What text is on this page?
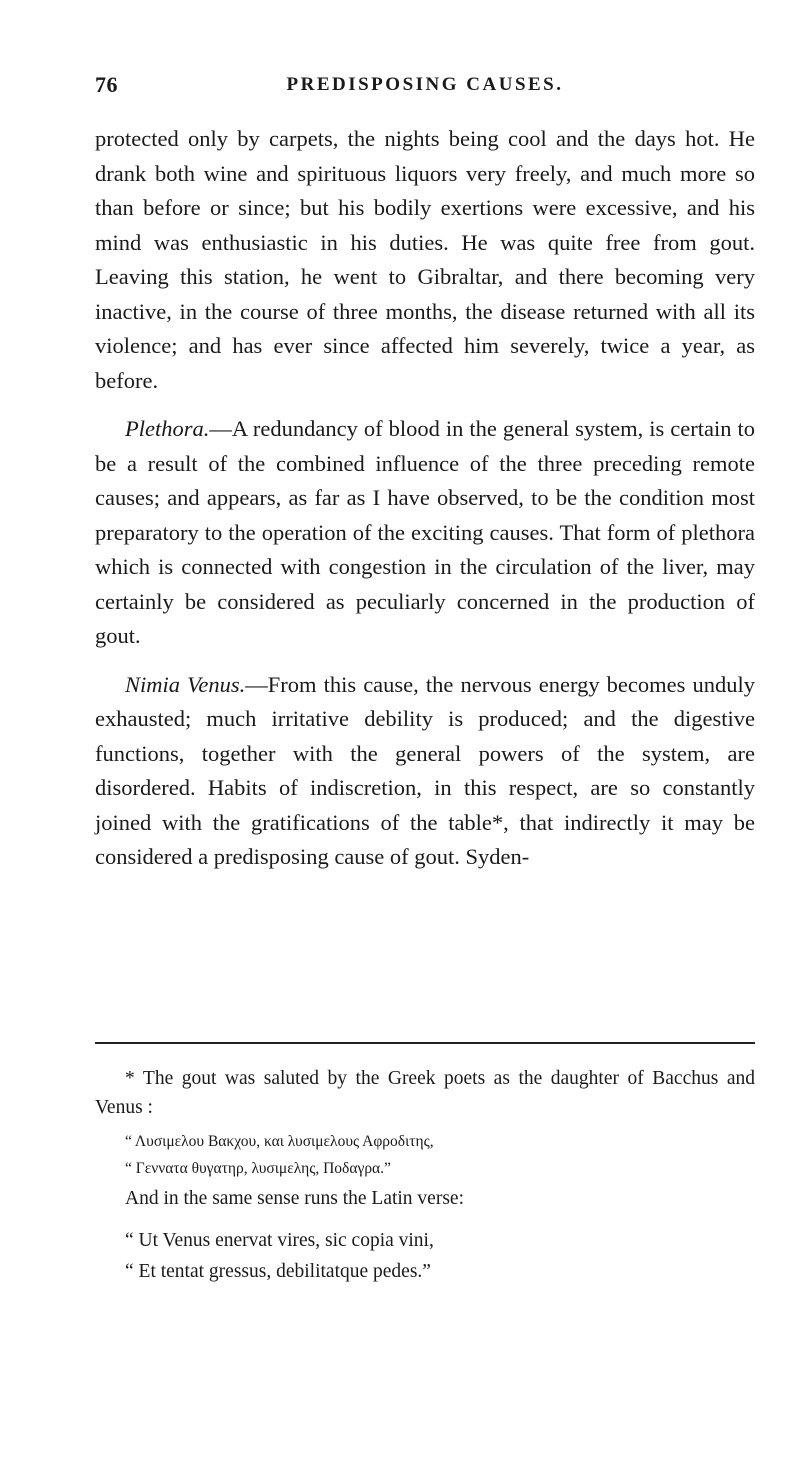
76	PREDISPOSING CAUSES.

protected only by carpets, the nights being cool and the days hot. He drank both wine and spirituous liquors very freely, and much more so than before or since; but his bodily exertions were excessive, and his mind was enthusiastic in his duties. He was quite free from gout. Leaving this station, he went to Gibraltar, and there becoming very inactive, in the course of three months, the disease returned with all its violence; and has ever since affected him severely, twice a year, as before.

Plethora.—A redundancy of blood in the general system, is certain to be a result of the combined influence of the three preceding remote causes; and appears, as far as I have observed, to be the condition most preparatory to the operation of the exciting causes. That form of plethora which is connected with congestion in the circulation of the liver, may certainly be considered as peculiarly concerned in the production of gout.

Nimia Venus.—From this cause, the nervous energy becomes unduly exhausted; much irritative debility is produced; and the digestive functions, together with the general powers of the system, are disordered. Habits of indiscretion, in this respect, are so constantly joined with the gratifications of the table*, that indirectly it may be considered a predisposing cause of gout. Syden-

* The gout was saluted by the Greek poets as the daughter of Bacchus and Venus :

“ Λυσιμελου Βακχου, και λυσιμελους Αφροδιτης,

“ Γεννατα θυγατηρ, λυσιμελης, Ποδαγρα.”

And in the same sense runs the Latin verse:

“ Ut Venus enervat vires, sic copia vini,

“ Et tentat gressus, debilitatque pedes.”
